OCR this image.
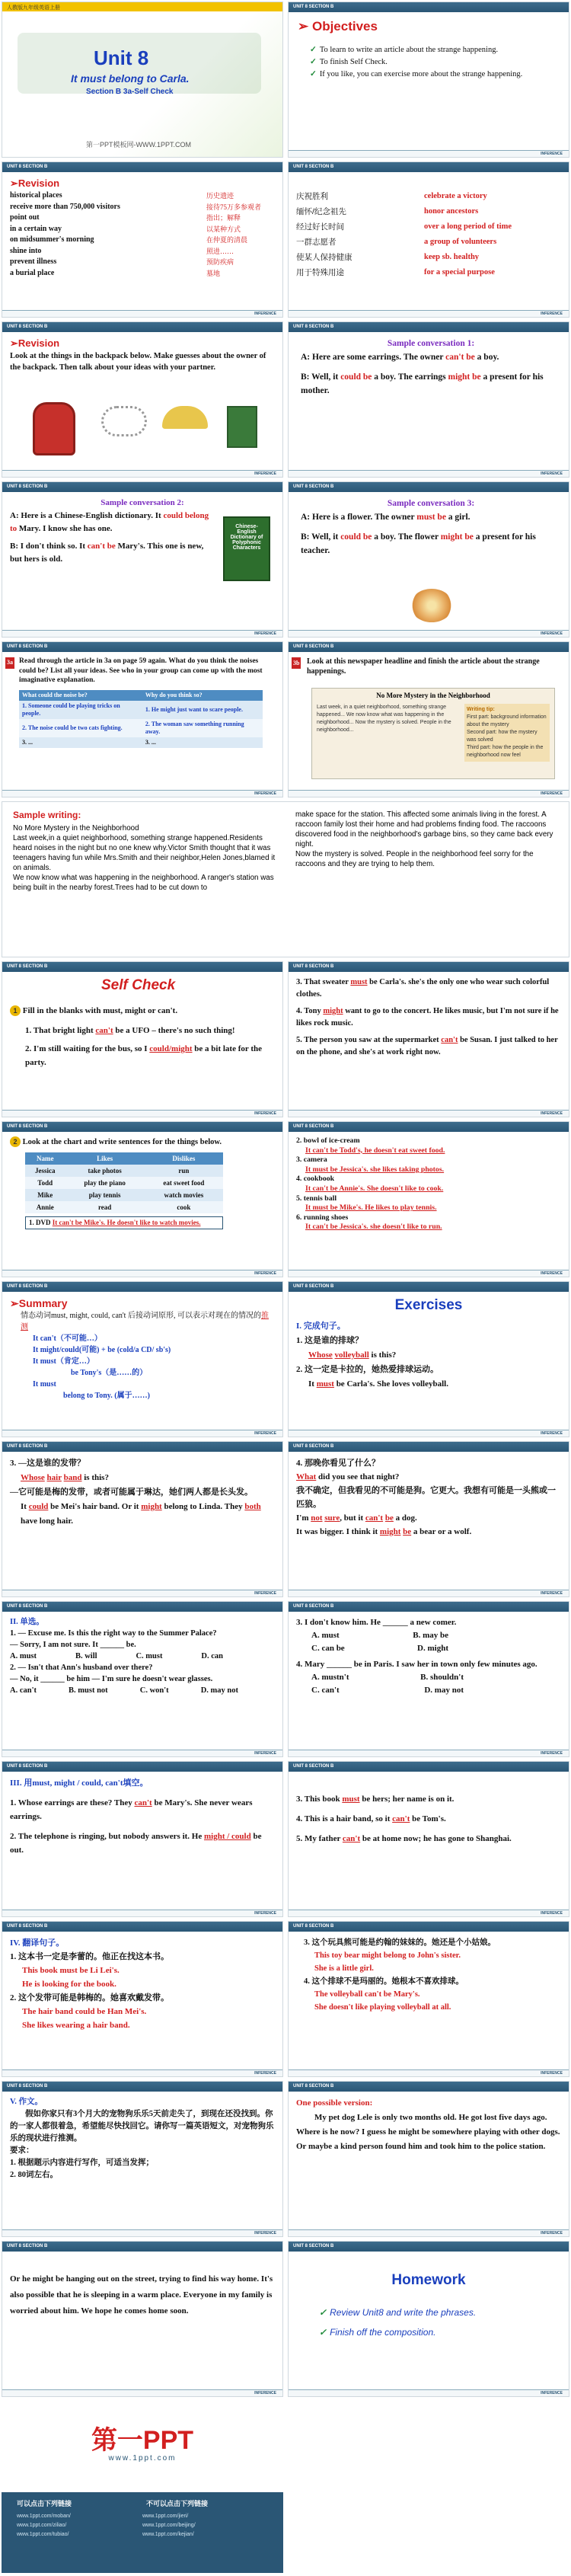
人教版九年级英语上册
Unit 8
It must belong to Carla.
Section B 3a-Self Check
第一PPT模板网-WWW.1PPT.COM
UNIT 8 SECTION B
➢ Objectives
✓ To learn to write an article about the strange happening.
✓ To finish Self Check.
✓ If you like, you can exercise more about the strange happening.
INFERENCE
UNIT 8 SECTION B
➢Revision
historical places	历史遗迹
receive more than 750,000 visitors	接待75万多参观者
point out	指出；解释
in a certain way	以某种方式
on midsummer's morning	在仲夏的清晨
shine into	照进……
prevent illness	预防疾病
a burial place	墓地
INFERENCE
UNIT 8 SECTION B
庆祝胜利	celebrate a victory
缅怀/纪念祖先	honor ancestors
经过好长时间	over a long period of time
一群志愿者	a group of volunteers
使某人保持健康	keep sb. healthy
用于特殊用途	for a special purpose
INFERENCE
UNIT 8 SECTION B
➢Revision
Look at the things in the backpack below. Make guesses about the owner of the backpack. Then talk about your ideas with your partner.
INFERENCE
UNIT 8 SECTION B
Sample conversation 1:
A: Here are some earrings. The owner can't be a boy.
B: Well, it could be a boy. The earrings might be a present for his mother.
INFERENCE
UNIT 8 SECTION B
Sample conversation 2:
A: Here is a Chinese-English dictionary. It could belong to Mary. I know she has one.
B: I don't think so. It can't be Mary's. This one is new, but hers is old.
Chinese-English Dictionary of Polyphonic Characters
INFERENCE
UNIT 8 SECTION B
Sample conversation 3:
A: Here is a flower. The owner must be a girl.
B: Well, it could be a boy. The flower might be a present for his teacher.
INFERENCE
UNIT 8 SECTION B
3a Read through the article in 3a on page 59 again. What do you think the noises could be? List all your ideas. See who in your group can come up with the most imaginative explanation.
What could the noise be?	Why do you think so?
1. Someone could be playing tricks on people.	1. He might just want to scare people.
2. The noise could be two cats fighting.	2. The woman saw something running away.
3. ...	3. ...
INFERENCE
UNIT 8 SECTION B
3b Look at this newspaper headline and finish the article about the strange happenings.
No More Mystery in the Neighborhood
Last week, in a quiet neighborhood, something strange happened... We now know what was happening in the neighborhood... Now the mystery is solved. People in the neighborhood...
Writing tip:
First part: background information about the mystery
Second part: how the mystery was solved
Third part: how the people in the neighborhood now feel
INFERENCE
Sample writing:
No More Mystery in the Neighborhood
Last week,in a quiet neighborhood, something strange happened.Residents heard noises in the night but no one knew why.Victor Smith thought that it was teenagers having fun while Mrs.Smith and their neighbor,Helen Jones,blamed it on animals.
We now know what was happening in the neighborhood. A ranger's station was being built in the nearby forest.Trees had to be cut down to
make space for the station. This affected some animals living in the forest. A raccoon family lost their home and had problems finding food. The raccoons discovered food in the neighborhood's garbage bins, so they came back every night.
Now the mystery is solved. People in the neighborhood feel sorry for the raccoons and they are trying to help them.
UNIT 8 SECTION B
Self Check
1 Fill in the blanks with must, might or can't.
1. That bright light can't be a UFO – there's no such thing!
2. I'm still waiting for the bus, so I could/might be a bit late for the party.
INFERENCE
UNIT 8 SECTION B
3. That sweater must be Carla's. she's the only one who wear such colorful clothes.
4. Tony might want to go to the concert. He likes music, but I'm not sure if he likes rock music.
5. The person you saw at the supermarket can't be Susan. I just talked to her on the phone, and she's at work right now.
INFERENCE
UNIT 8 SECTION B
2 Look at the chart and write sentences for the things below.
Name	Likes	Dislikes
Jessica	take photos	run
Todd	play the piano	eat sweet food
Mike	play tennis	watch movies
Annie	read	cook
1. DVD It can't be Mike's. He doesn't like to watch movies.
INFERENCE
UNIT 8 SECTION B
2. bowl of ice-cream
It can't be Todd's, he doesn't eat sweet food.
3. camera
It must be Jessica's. she likes taking photos.
4. cookbook
It can't be Annie's. She doesn't like to cook.
5. tennis ball
It must be Mike's. He likes to play tennis.
6. running shoes
It can't be Jessica's. she doesn't like to run.
INFERENCE
UNIT 8 SECTION B
➢Summary
情态动词must, might, could, can't 后接动词原形, 可以表示对现在的情况的推测
It can't（不可能…）
It might/could(可能) + be (cold/a CD/ sb's)
It must（肯定…）
be Tony's（是……的）
It must
belong to Tony. (属于……)
INFERENCE
UNIT 8 SECTION B
Exercises
I. 完成句子。
1. 这是谁的排球？
Whose volleyball is this?
2. 这一定是卡拉的，她热爱排球运动。
It must be Carla's. She loves volleyball.
INFERENCE
UNIT 8 SECTION B
3. —这是谁的发带？
Whose hair band is this?
—它可能是梅的发带，或者可能属于琳达，她们两人都是长头发。
It could be Mei's hair band. Or it might belong to Linda. They both have long hair.
INFERENCE
UNIT 8 SECTION B
4. 那晚你看见了什么？
What did you see that night?
我不确定，但我看见的不可能是狗。它更大。我想有可能是一头熊或一匹狼。
I'm not sure, but it can't be a dog.
It was bigger. I think it might be a bear or a wolf.
INFERENCE
UNIT 8 SECTION B
II. 单选。
1. — Excuse me. Is this the right way to the Summer Palace?
— Sorry, I am not sure. It ______ be.
A. must	B. will	C. must	D. can
2. — Isn't that Ann's husband over there?
— No, it ______ be him — I'm sure he doesn't wear glasses.
A. can't	B. must not	C. won't	D. may not
INFERENCE
UNIT 8 SECTION B
3. I don't know him. He ______ a new comer.
A. must	B. may be
C. can be	D. might
4. Mary ______ be in Paris. I saw her in town only few minutes ago.
A. mustn't	B. shouldn't
C. can't	D. may not
INFERENCE
UNIT 8 SECTION B
III. 用must, might / could, can't填空。
1. Whose earrings are these? They can't be Mary's. She never wears earrings.
2. The telephone is ringing, but nobody answers it. He might / could be out.
INFERENCE
UNIT 8 SECTION B
3. This book must be hers; her name is on it.
4. This is a hair band, so it can't be Tom's.
5. My father can't be at home now; he has gone to Shanghai.
INFERENCE
UNIT 8 SECTION B
IV. 翻译句子。
1. 这本书一定是李蕾的。他正在找这本书。
This book must be Li Lei's.
He is looking for the book.
2. 这个发带可能是韩梅的。她喜欢戴发带。
The hair band could be Han Mei's.
She likes wearing a hair band.
INFERENCE
UNIT 8 SECTION B
3. 这个玩具熊可能是约翰的妹妹的。她还是个小姑娘。
This toy bear might belong to John's sister.
She is a little girl.
4. 这个排球不是玛丽的。她根本不喜欢排球。
The volleyball can't be Mary's.
She doesn't like playing volleyball at all.
INFERENCE
UNIT 8 SECTION B
V. 作文。
假如你家只有3个月大的宠物狗乐乐5天前走失了，到现在还没找到。你的一家人都很着急，希望能尽快找回它。请你写一篇英语短文，对宠物狗乐乐的现状进行推测。
要求：
1. 根据题示内容进行写作，可适当发挥；
2. 80词左右。
INFERENCE
UNIT 8 SECTION B
One possible version:
My pet dog Lele is only two months old. He got lost five days ago. Where is he now? I guess he might be somewhere playing with other dogs. Or maybe a kind person found him and took him to the police station.
INFERENCE
UNIT 8 SECTION B
Or he might be hanging out on the street, trying to find his way home. It's also possible that he is sleeping in a warm place. Everyone in my family is worried about him. We hope he comes home soon.
INFERENCE
UNIT 8 SECTION B
Homework
✓ Review Unit8 and write the phrases.
✓ Finish off the composition.
INFERENCE
第一PPT
www.1ppt.com
可以点击下列链接	不可以点击下列链接
www.1ppt.com/moban/	www.1ppt.com/jieri/
www.1ppt.com/ziliao/	www.1ppt.com/beijing/
www.1ppt.com/tubiao/	www.1ppt.com/kejian/
